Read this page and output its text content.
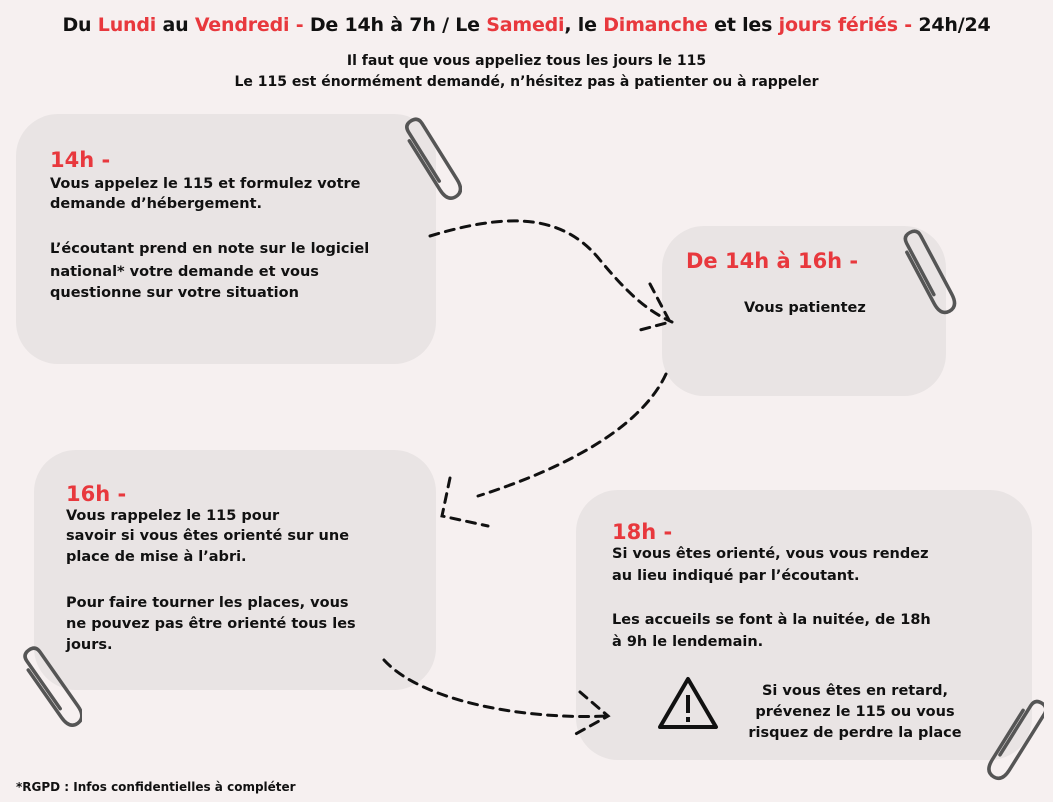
Du Lundi au Vendredi - De 14h à 7h / Le Samedi, le Dimanche et les jours fériés - 24h/24
Il faut que vous appeliez tous les jours le 115
Le 115 est énormément demandé, n’hésitez pas à patienter ou à rappeler
14h -
Vous appelez le 115 et formulez votre
demande d’hébergement.
L’écoutant prend en note sur le logiciel
national* votre demande et vous
questionne sur votre situation
De 14h à 16h -
Vous patientez
16h -
Vous rappelez le 115 pour
savoir si vous êtes orienté sur une
place de mise à l’abri.
Pour faire tourner les places, vous
ne pouvez pas être orienté tous les
jours.
18h -
Si vous êtes orienté, vous vous rendez
au lieu indiqué par l’écoutant.
Les accueils se font à la nuitée, de 18h
à 9h le lendemain.
Si vous êtes en retard,
prévenez le 115 ou vous
risquez de perdre la place
*RGPD : Infos confidentielles à compléter
